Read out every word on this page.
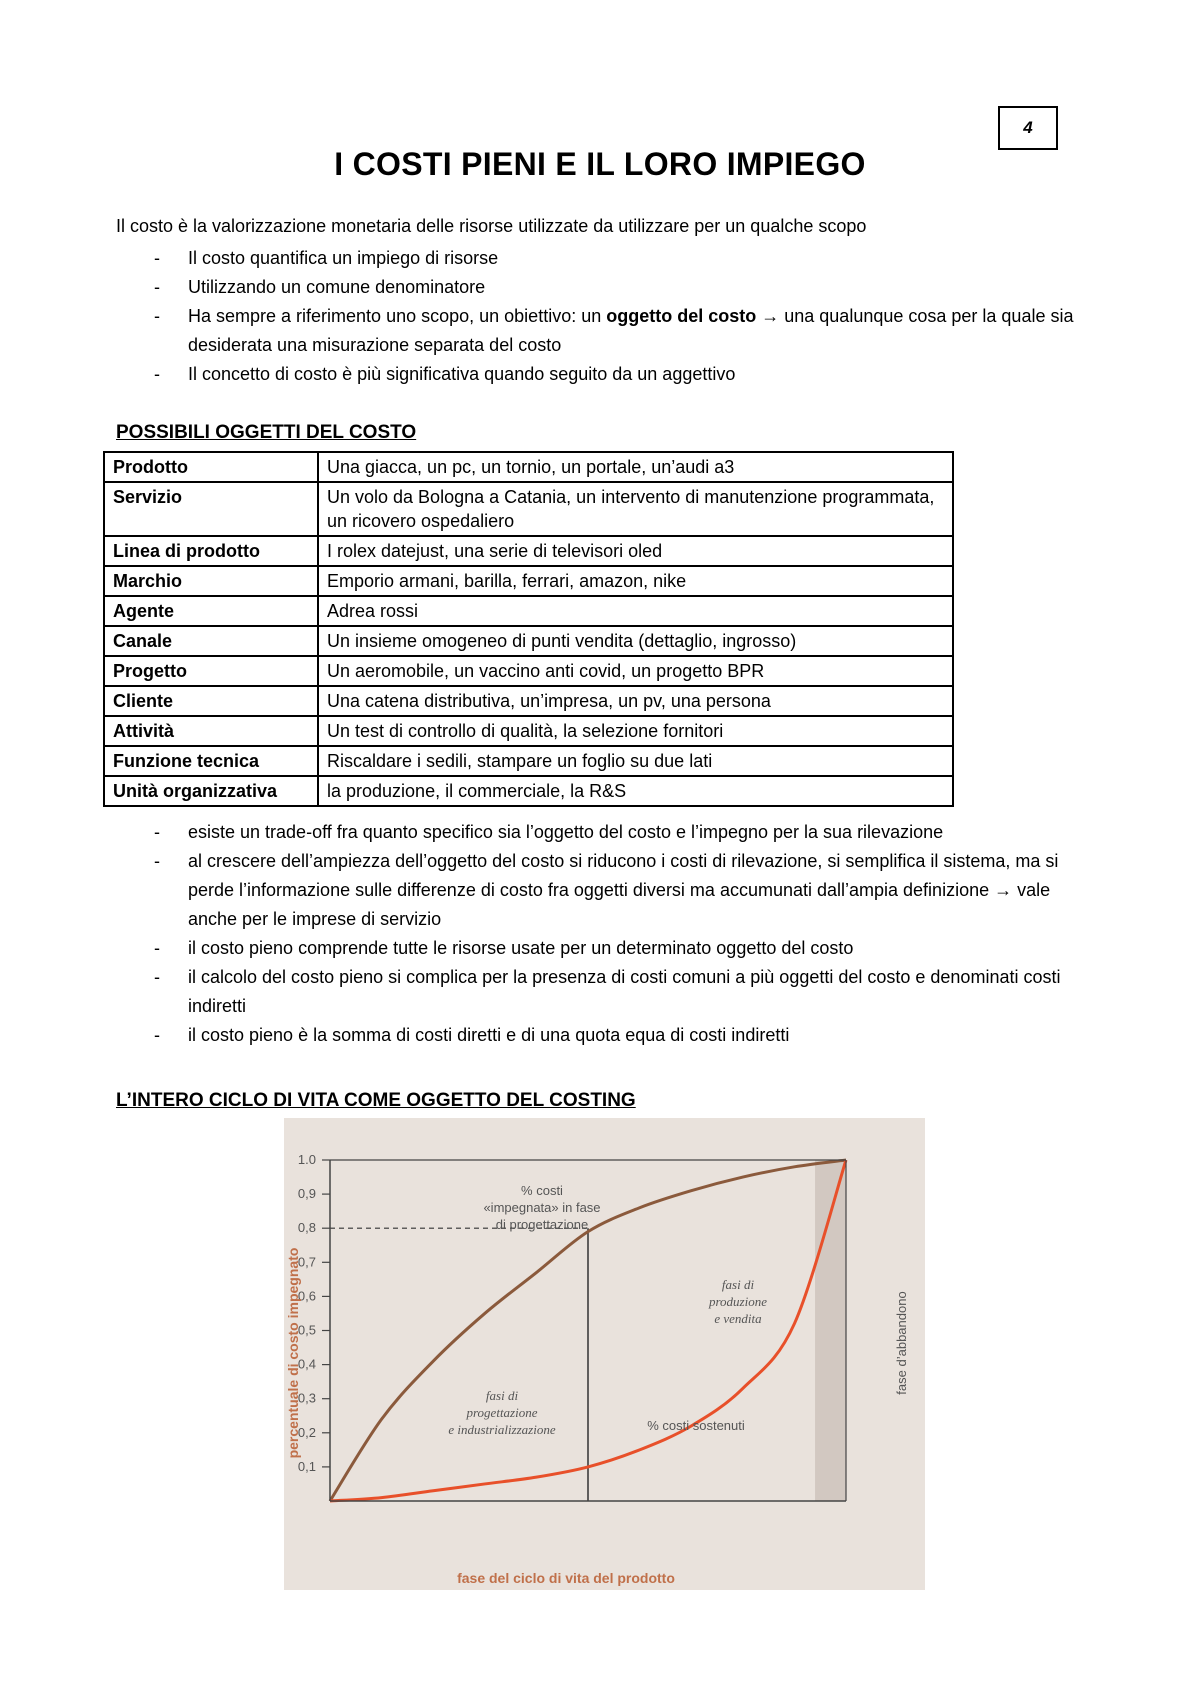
4
I COSTI PIENI E IL LORO IMPIEGO
Il costo è la valorizzazione monetaria delle risorse utilizzate da utilizzare per un qualche scopo
- Il costo quantifica un impiego di risorse
- Utilizzando un comune denominatore
- Ha sempre a riferimento uno scopo, un obiettivo: un oggetto del costo → una qualunque cosa per la quale sia desiderata una misurazione separata del costo
- Il concetto di costo è più significativa quando seguito da un aggettivo
POSSIBILI OGGETTI DEL COSTO
Prodotto	Una giacca, un pc, un tornio, un portale, un’audi a3
Servizio	Un volo da Bologna a Catania, un intervento di manutenzione programmata, un ricovero ospedaliero
Linea di prodotto	I rolex datejust, una serie di televisori oled
Marchio	Emporio armani, barilla, ferrari, amazon, nike
Agente	Adrea rossi
Canale	Un insieme omogeneo di punti vendita (dettaglio, ingrosso)
Progetto	Un aeromobile, un vaccino anti covid, un progetto BPR
Cliente	Una catena distributiva, un’impresa, un pv, una persona
Attività	Un test di controllo di qualità, la selezione fornitori
Funzione tecnica	Riscaldare i sedili, stampare un foglio su due lati
Unità organizzativa	la produzione, il commerciale, la R&S
- esiste un trade-off fra quanto specifico sia l’oggetto del costo e l’impegno per la sua rilevazione
- al crescere dell’ampiezza dell’oggetto del costo si riducono i costi di rilevazione, si semplifica il sistema, ma si perde l’informazione sulle differenze di costo fra oggetti diversi ma accumunati dall’ampia definizione → vale anche per le imprese di servizio
- il costo pieno comprende tutte le risorse usate per un determinato oggetto del costo
- il calcolo del costo pieno si complica per la presenza di costi comuni a più oggetti del costo e denominati costi indiretti
- il costo pieno è la somma di costi diretti e di una quota equa di costi indiretti
L’INTERO CICLO DI VITA COME OGGETTO DEL COSTING
0,1
0,2
0,3
0,4
0,5
0,6
0,7
0,8
0,9
1.0
% costi
«impegnata» in fase
di progettazione
% costi sostenuti
fasi di
progettazione
e industrializzazione
fasi di
produzione
e vendita	fase d’abbandono
percentuale di costo impegnato
fase del ciclo di vita del prodotto
